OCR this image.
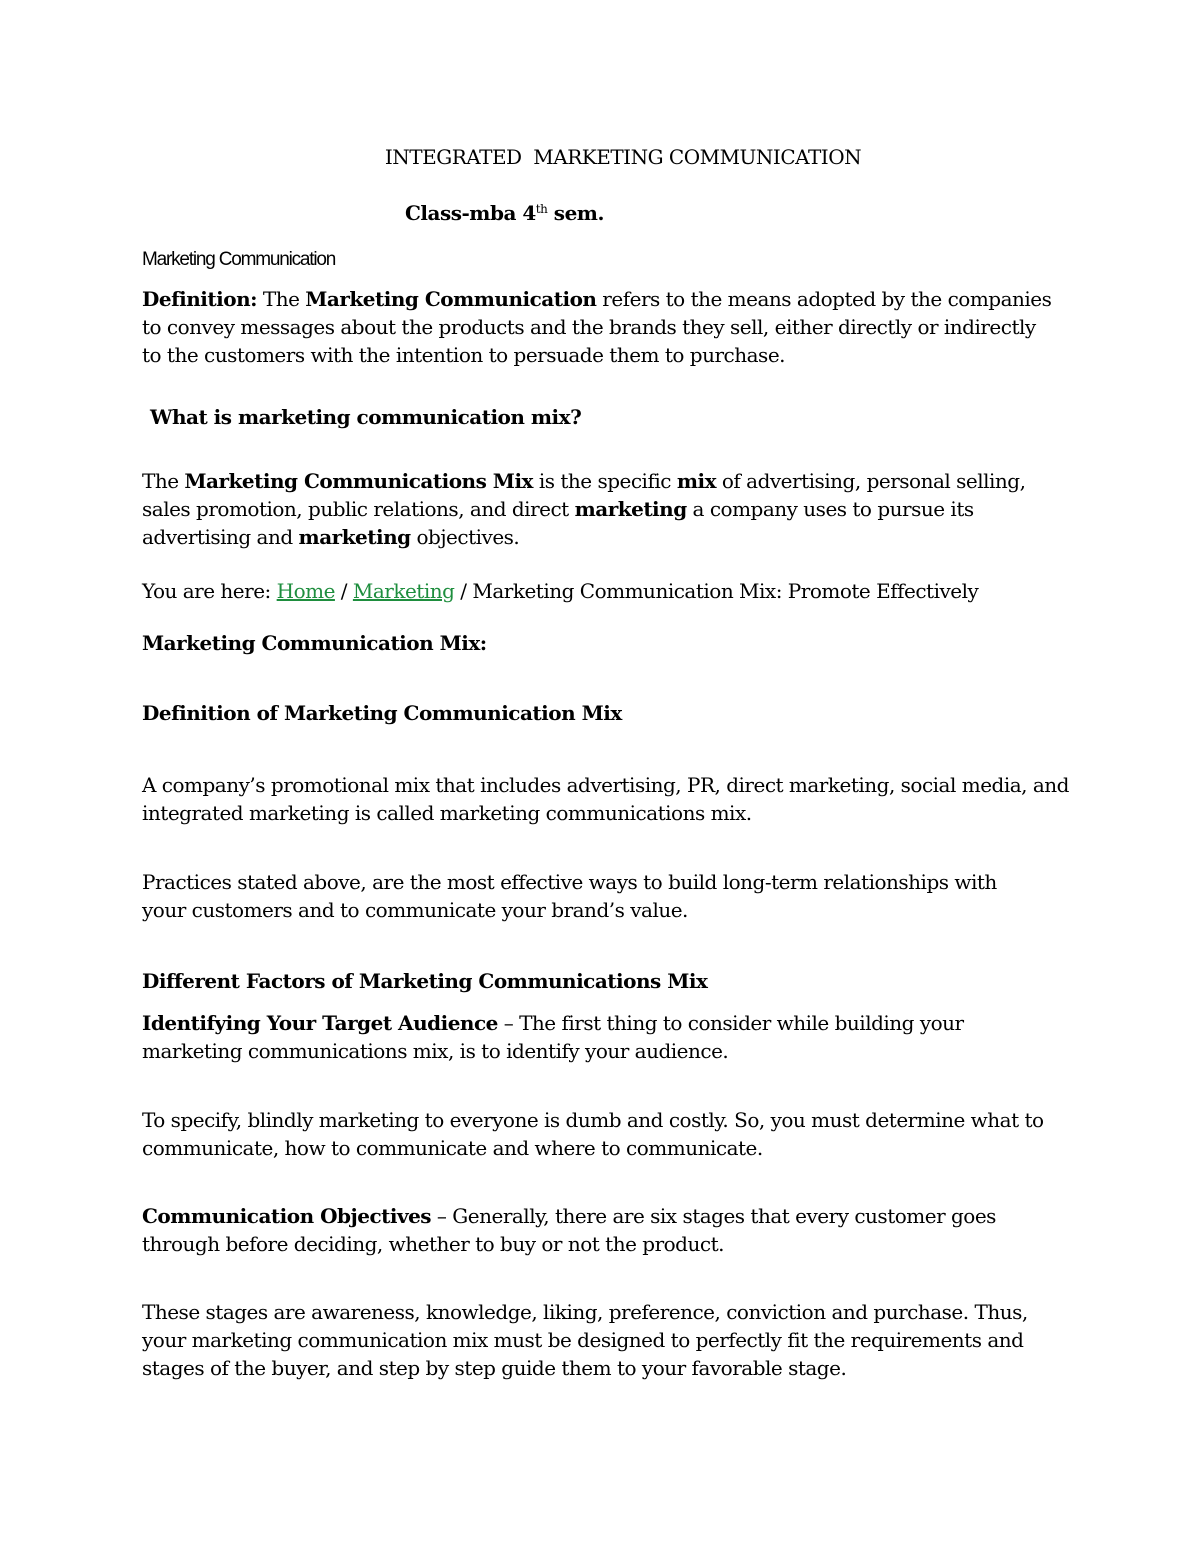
INTEGRATED  MARKETING COMMUNICATION
Class-mba 4th sem.
Marketing Communication
Definition: The Marketing Communication refers to the means adopted by the companies to convey messages about the products and the brands they sell, either directly or indirectly to the customers with the intention to persuade them to purchase.
What is marketing communication mix?
The Marketing Communications Mix is the specific mix of advertising, personal selling, sales promotion, public relations, and direct marketing a company uses to pursue its advertising and marketing objectives.
You are here: Home / Marketing / Marketing Communication Mix: Promote Effectively
Marketing Communication Mix:
Definition of Marketing Communication Mix
A company’s promotional mix that includes advertising, PR, direct marketing, social media, and integrated marketing is called marketing communications mix.
Practices stated above, are the most effective ways to build long-term relationships with your customers and to communicate your brand’s value.
Different Factors of Marketing Communications Mix
Identifying Your Target Audience – The first thing to consider while building your marketing communications mix, is to identify your audience.
To specify, blindly marketing to everyone is dumb and costly. So, you must determine what to communicate, how to communicate and where to communicate.
Communication Objectives – Generally, there are six stages that every customer goes through before deciding, whether to buy or not the product.
These stages are awareness, knowledge, liking, preference, conviction and purchase. Thus, your marketing communication mix must be designed to perfectly fit the requirements and stages of the buyer, and step by step guide them to your favorable stage.
